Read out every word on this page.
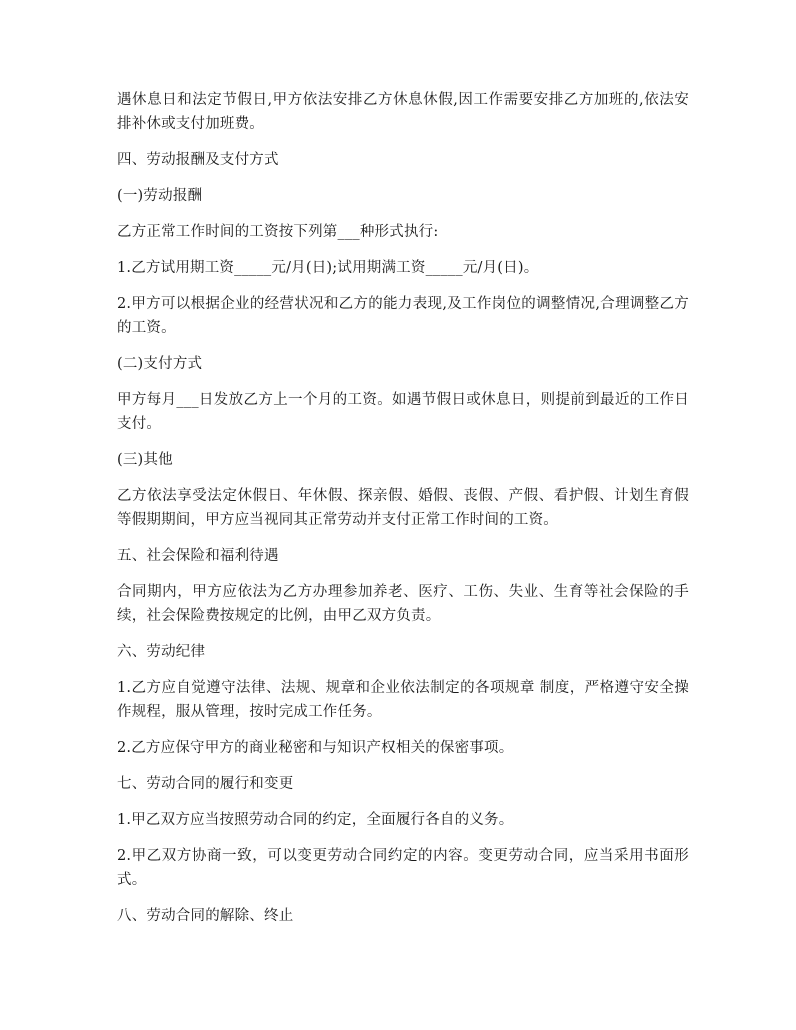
遇休息日和法定节假日,甲方依法安排乙方休息休假,因工作需要安排乙方加班的,依法安排补休或支付加班费。

四、劳动报酬及支付方式

(一)劳动报酬

乙方正常工作时间的工资按下列第___种形式执行:

1.乙方试用期工资_____元/月(日);试用期满工资_____元/月(日)。

2.甲方可以根据企业的经营状况和乙方的能力表现,及工作岗位的调整情况,合理调整乙方的工资。

(二)支付方式

甲方每月___日发放乙方上一个月的工资。如遇节假日或休息日，则提前到最近的工作日支付。

(三)其他

乙方依法享受法定休假日、年休假、探亲假、婚假、丧假、产假、看护假、计划生育假等假期期间，甲方应当视同其正常劳动并支付正常工作时间的工资。

五、社会保险和福利待遇

合同期内，甲方应依法为乙方办理参加养老、医疗、工伤、失业、生育等社会保险的手续，社会保险费按规定的比例，由甲乙双方负责。

六、劳动纪律

1.乙方应自觉遵守法律、法规、规章和企业依法制定的各项规章 制度，严格遵守安全操作规程，服从管理，按时完成工作任务。

2.乙方应保守甲方的商业秘密和与知识产权相关的保密事项。

七、劳动合同的履行和变更

1.甲乙双方应当按照劳动合同的约定，全面履行各自的义务。

2.甲乙双方协商一致，可以变更劳动合同约定的内容。变更劳动合同，应当采用书面形式。

八、劳动合同的解除、终止
